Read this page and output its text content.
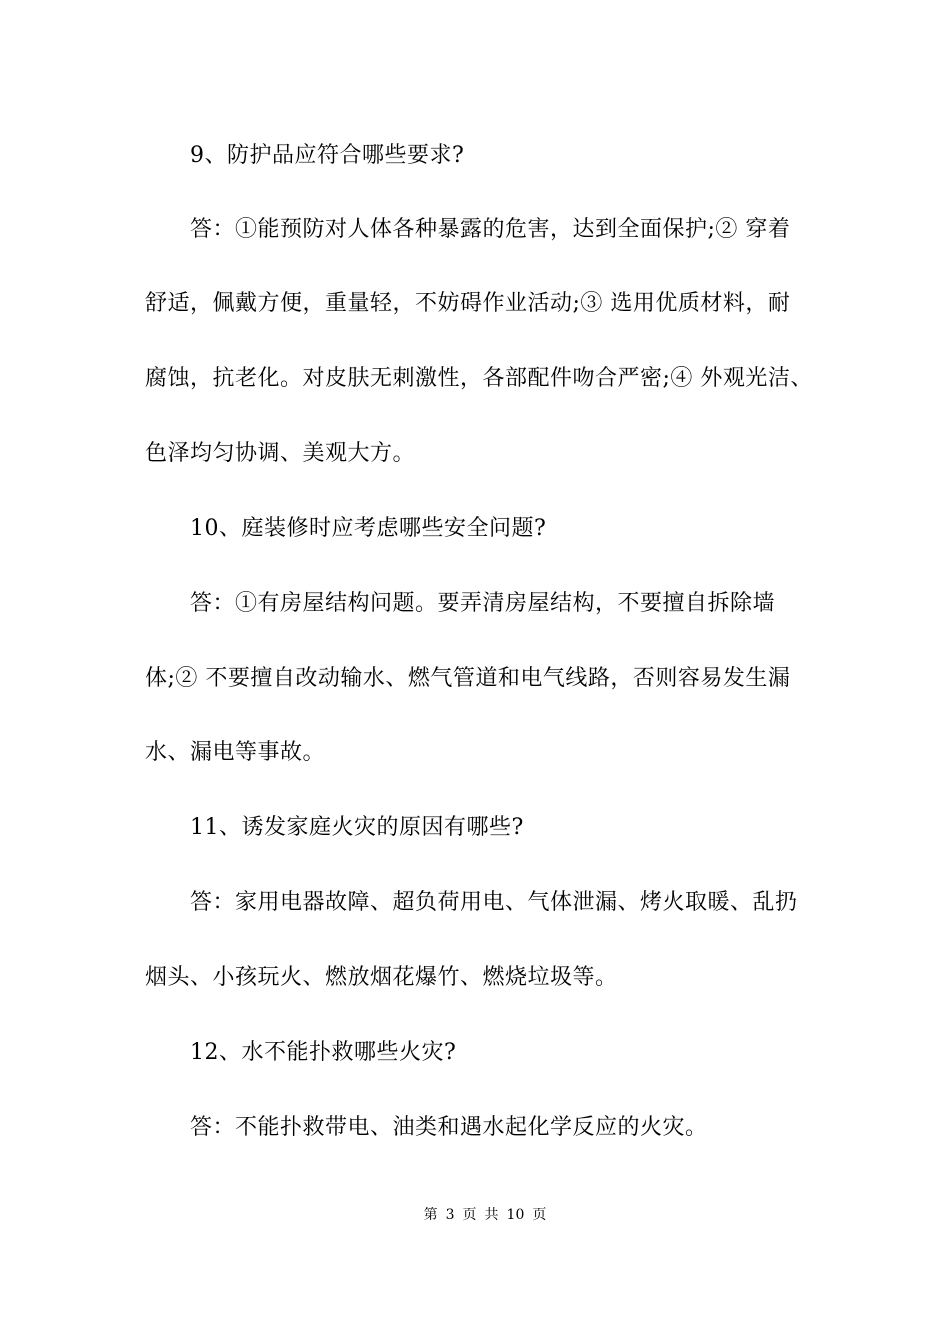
9、防护品应符合哪些要求?
答：①能预防对人体各种暴露的危害，达到全面保护;② 穿着
舒适，佩戴方便，重量轻，不妨碍作业活动;③ 选用优质材料，耐
腐蚀，抗老化。对皮肤无刺激性，各部配件吻合严密;④ 外观光洁、
色泽均匀协调、美观大方。
10、庭装修时应考虑哪些安全问题?
答：①有房屋结构问题。要弄清房屋结构，不要擅自拆除墙
体;② 不要擅自改动输水、燃气管道和电气线路，否则容易发生漏
水、漏电等事故。
11、诱发家庭火灾的原因有哪些?
答：家用电器故障、超负荷用电、气体泄漏、烤火取暖、乱扔
烟头、小孩玩火、燃放烟花爆竹、燃烧垃圾等。
12、水不能扑救哪些火灾?
答：不能扑救带电、油类和遇水起化学反应的火灾。
第 3 页 共 10 页
